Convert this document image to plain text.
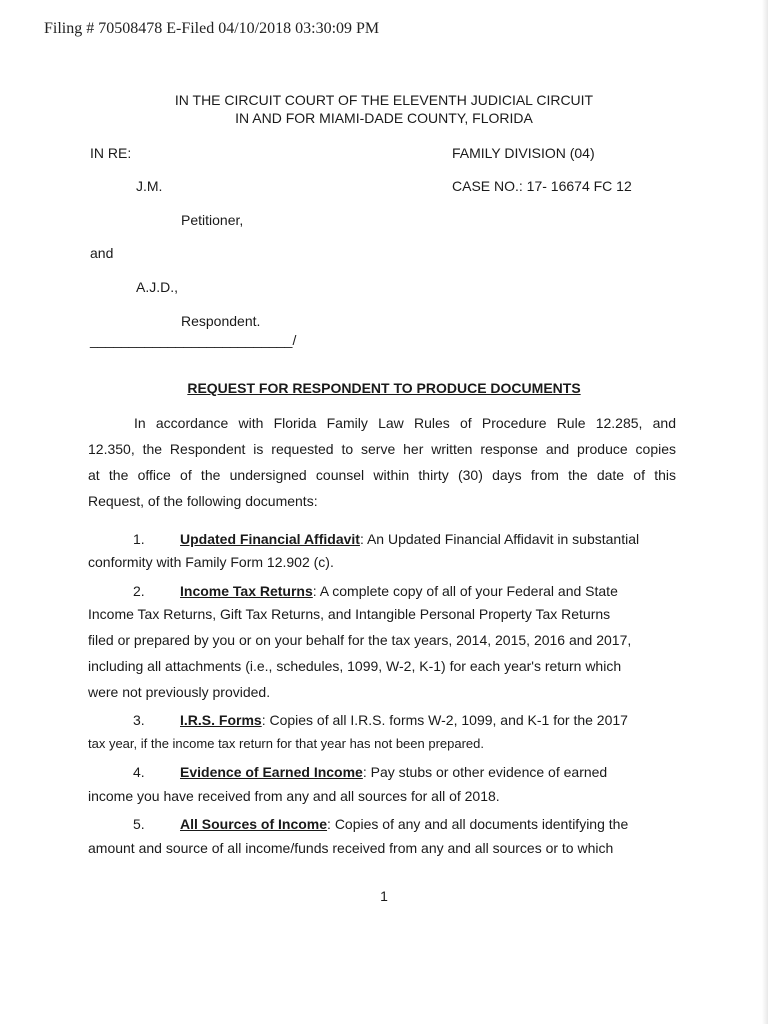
Filing # 70508478 E-Filed 04/10/2018 03:30:09 PM
IN THE CIRCUIT COURT OF THE ELEVENTH JUDICIAL CIRCUIT
IN AND FOR MIAMI-DADE COUNTY, FLORIDA
IN RE:	FAMILY DIVISION (04)
J.M.	CASE NO.: 17- 16674 FC 12
Petitioner,
and
A.J.D.,
Respondent.
__________________________/
REQUEST FOR RESPONDENT TO PRODUCE DOCUMENTS
In accordance with Florida Family Law Rules of Procedure Rule 12.285, and
12.350, the Respondent is requested to serve her written response and produce copies
at the office of the undersigned counsel within thirty (30) days from the date of this
Request, of the following documents:
1.	Updated Financial Affidavit: An Updated Financial Affidavit in substantial
conformity with Family Form 12.902 (c).
2.	Income Tax Returns: A complete copy of all of your Federal and State
Income Tax Returns, Gift Tax Returns, and Intangible Personal Property Tax Returns
filed or prepared by you or on your behalf for the tax years, 2014, 2015, 2016 and 2017,
including all attachments (i.e., schedules, 1099, W-2, K-1) for each year's return which
were not previously provided.
3.	I.R.S. Forms: Copies of all I.R.S. forms W-2, 1099, and K-1 for the 2017
tax year, if the income tax return for that year has not been prepared.
4.	Evidence of Earned Income: Pay stubs or other evidence of earned
income you have received from any and all sources for all of 2018.
5.	All Sources of Income: Copies of any and all documents identifying the
amount and source of all income/funds received from any and all sources or to which
1
